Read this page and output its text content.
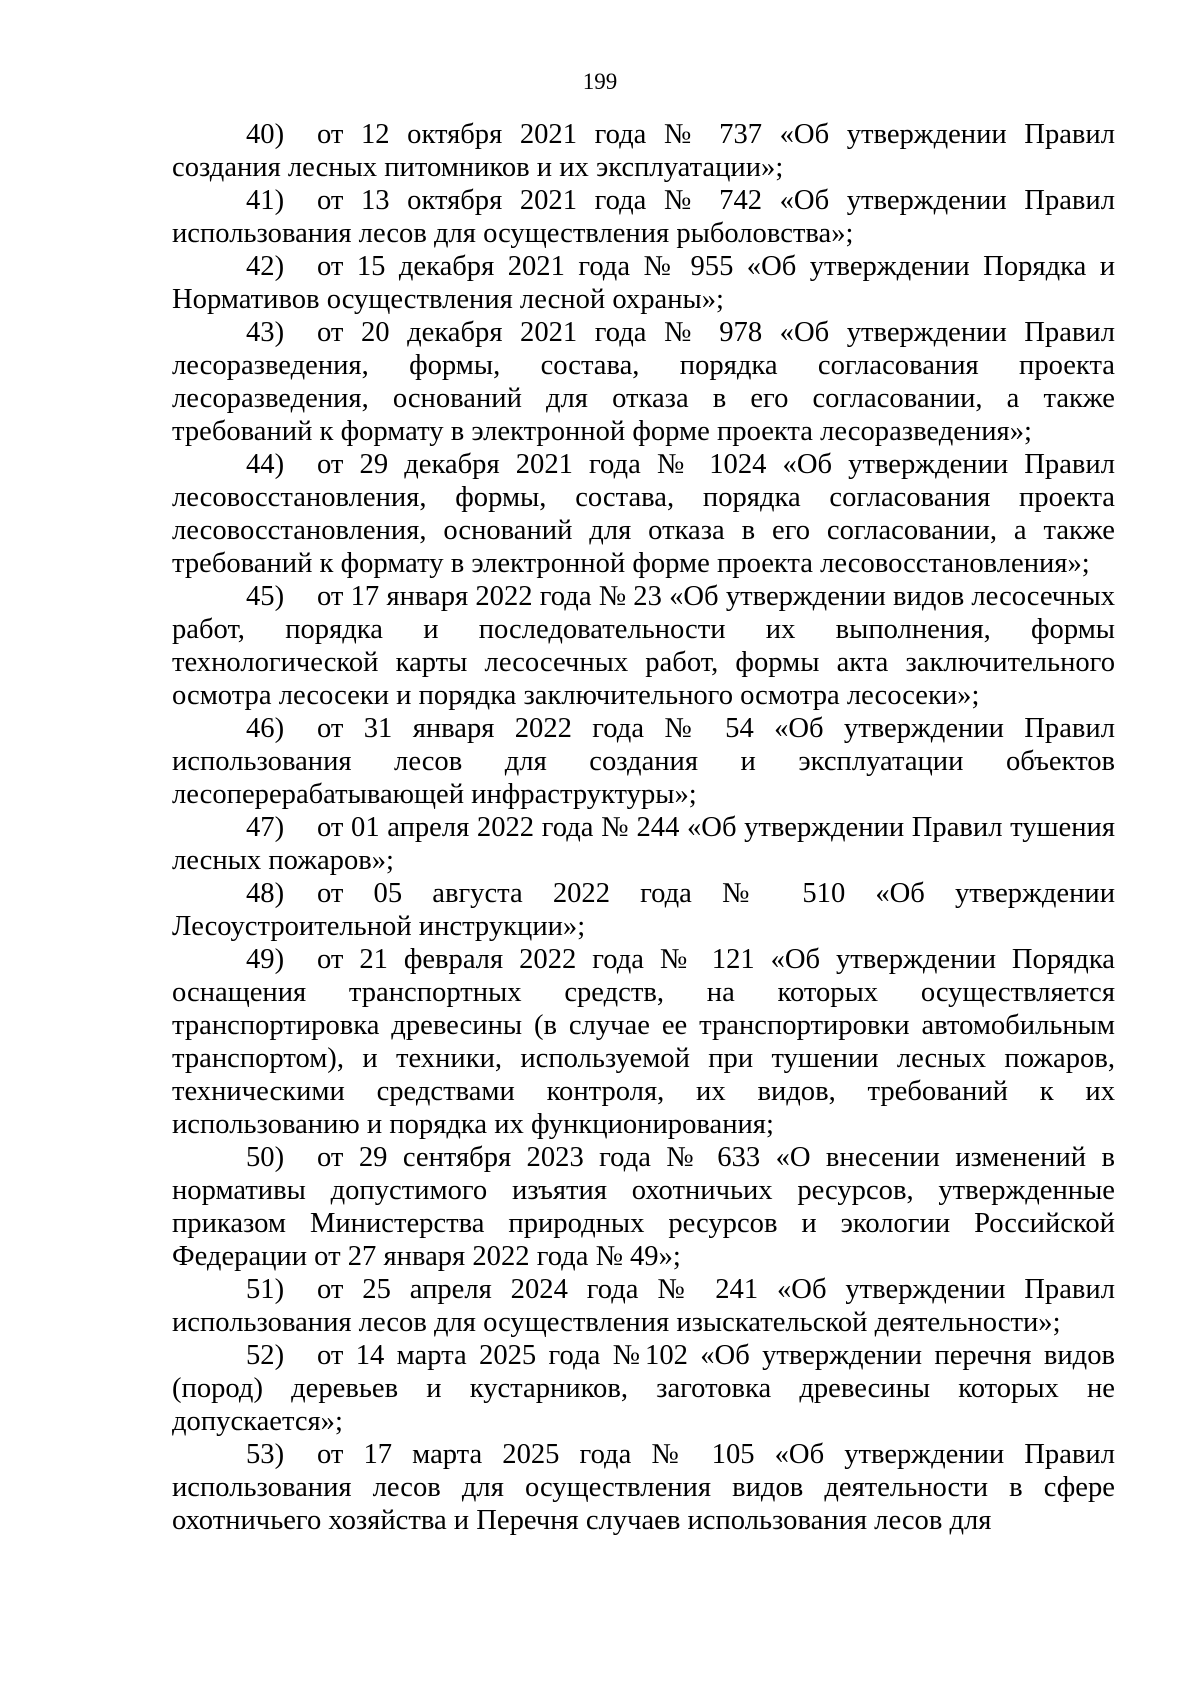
199

40) от 12 октября 2021 года № 737 «Об утверждении Правил создания лесных питомников и их эксплуатации»;

41) от 13 октября 2021 года № 742 «Об утверждении Правил использования лесов для осуществления рыболовства»;

42) от 15 декабря 2021 года № 955 «Об утверждении Порядка и Нормативов осуществления лесной охраны»;

43) от 20 декабря 2021 года № 978 «Об утверждении Правил лесоразведения, формы, состава, порядка согласования проекта лесоразведения, оснований для отказа в его согласовании, а также требований к формату в электронной форме проекта лесоразведения»;

44) от 29 декабря 2021 года № 1024 «Об утверждении Правил лесовосстановления, формы, состава, порядка согласования проекта лесовосстановления, оснований для отказа в его согласовании, а также требований к формату в электронной форме проекта лесовосстановления»;

45) от 17 января 2022 года № 23 «Об утверждении видов лесосечных работ, порядка и последовательности их выполнения, формы технологической карты лесосечных работ, формы акта заключительного осмотра лесосеки и порядка заключительного осмотра лесосеки»;

46) от 31 января 2022 года № 54 «Об утверждении Правил использования лесов для создания и эксплуатации объектов лесоперерабатывающей инфраструктуры»;

47) от 01 апреля 2022 года № 244 «Об утверждении Правил тушения лесных пожаров»;

48) от 05 августа 2022 года № 510 «Об утверждении Лесоустроительной инструкции»;

49) от 21 февраля 2022 года № 121 «Об утверждении Порядка оснащения транспортных средств, на которых осуществляется транспортировка древесины (в случае ее транспортировки автомобильным транспортом), и техники, используемой при тушении лесных пожаров, техническими средствами контроля, их видов, требований к их использованию и порядка их функционирования;

50) от 29 сентября 2023 года № 633 «О внесении изменений в нормативы допустимого изъятия охотничьих ресурсов, утвержденные приказом Министерства природных ресурсов и экологии Российской Федерации от 27 января 2022 года № 49»;

51) от 25 апреля 2024 года № 241 «Об утверждении Правил использования лесов для осуществления изыскательской деятельности»;

52) от 14 марта 2025 года №102 «Об утверждении перечня видов (пород) деревьев и кустарников, заготовка древесины которых не допускается»;

53) от 17 марта 2025 года № 105 «Об утверждении Правил использования лесов для осуществления видов деятельности в сфере охотничьего хозяйства и Перечня случаев использования лесов для
